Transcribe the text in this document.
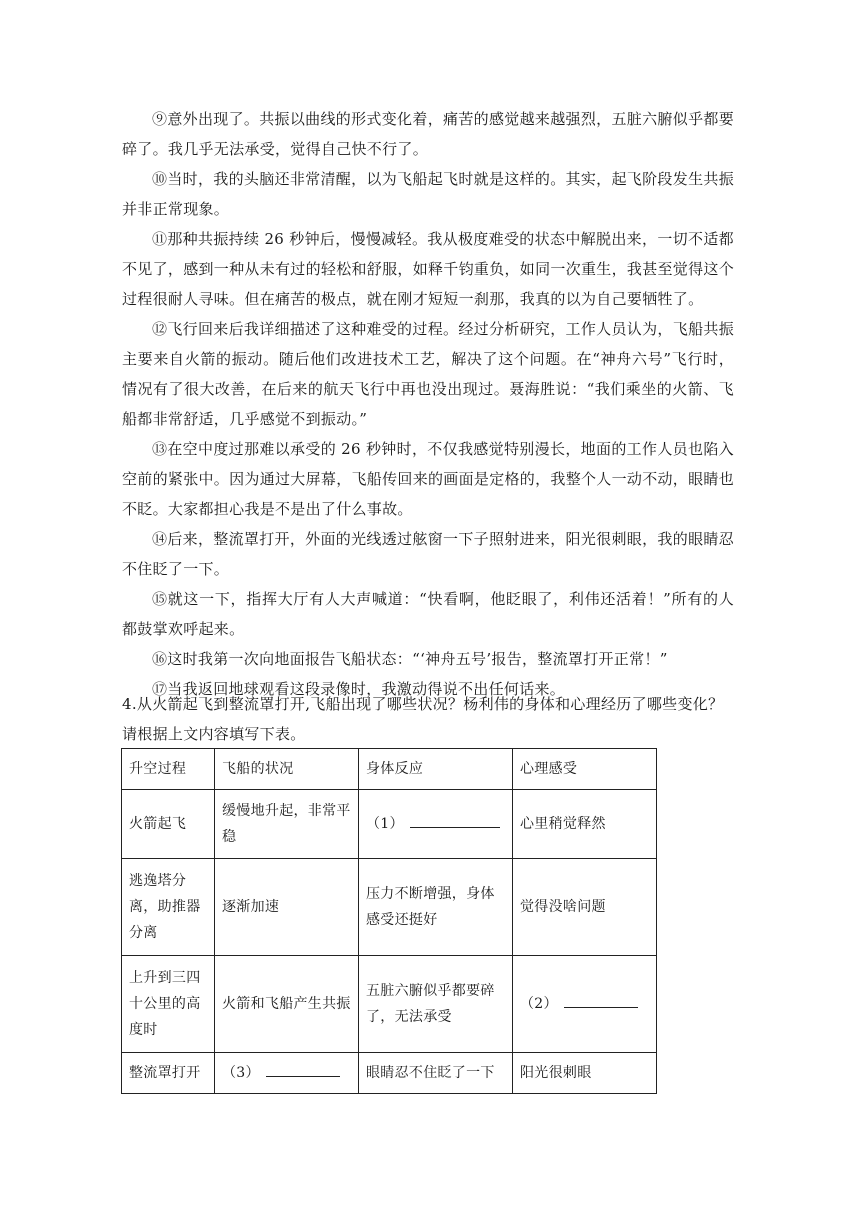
⑨意外出现了。共振以曲线的形式变化着，痛苦的感觉越来越强烈，五脏六腑似乎都要碎了。我几乎无法承受，觉得自己快不行了。

⑩当时，我的头脑还非常清醒，以为飞船起飞时就是这样的。其实，起飞阶段发生共振并非正常现象。

⑪那种共振持续 26 秒钟后，慢慢减轻。我从极度难受的状态中解脱出来，一切不适都不见了，感到一种从未有过的轻松和舒服，如释千钧重负，如同一次重生，我甚至觉得这个过程很耐人寻味。但在痛苦的极点，就在刚才短短一刹那，我真的以为自己要牺牲了。

⑫飞行回来后我详细描述了这种难受的过程。经过分析研究，工作人员认为，飞船共振主要来自火箭的振动。随后他们改进技术工艺，解决了这个问题。在“神舟六号”飞行时，情况有了很大改善，在后来的航天飞行中再也没出现过。聂海胜说：“我们乘坐的火箭、飞船都非常舒适，几乎感觉不到振动。”

⑬在空中度过那难以承受的 26 秒钟时，不仅我感觉特别漫长，地面的工作人员也陷入空前的紧张中。因为通过大屏幕，飞船传回来的画面是定格的，我整个人一动不动，眼睛也不眨。大家都担心我是不是出了什么事故。

⑭后来，整流罩打开，外面的光线透过舷窗一下子照射进来，阳光很刺眼，我的眼睛忍不住眨了一下。

⑮就这一下，指挥大厅有人大声喊道：“快看啊，他眨眼了，利伟还活着！”所有的人都鼓掌欢呼起来。

⑯这时我第一次向地面报告飞船状态：“‘神舟五号’报告，整流罩打开正常！”

⑰当我返回地球观看这段录像时，我激动得说不出任何话来。

4.从火箭起飞到整流罩打开,飞船出现了哪些状况？杨利伟的身体和心理经历了哪些变化？请根据上文内容填写下表。

升空过程	飞船的状况	身体反应	心理感受
火箭起飞	缓慢地升起，非常平稳	（1）	心里稍觉释然
逃逸塔分离，助推器分离	逐渐加速	压力不断增强，身体感受还挺好	觉得没啥问题
上升到三四十公里的高度时	火箭和飞船产生共振	五脏六腑似乎都要碎了，无法承受	（2）
整流罩打开	（3）	眼睛忍不住眨了一下	阳光很刺眼
